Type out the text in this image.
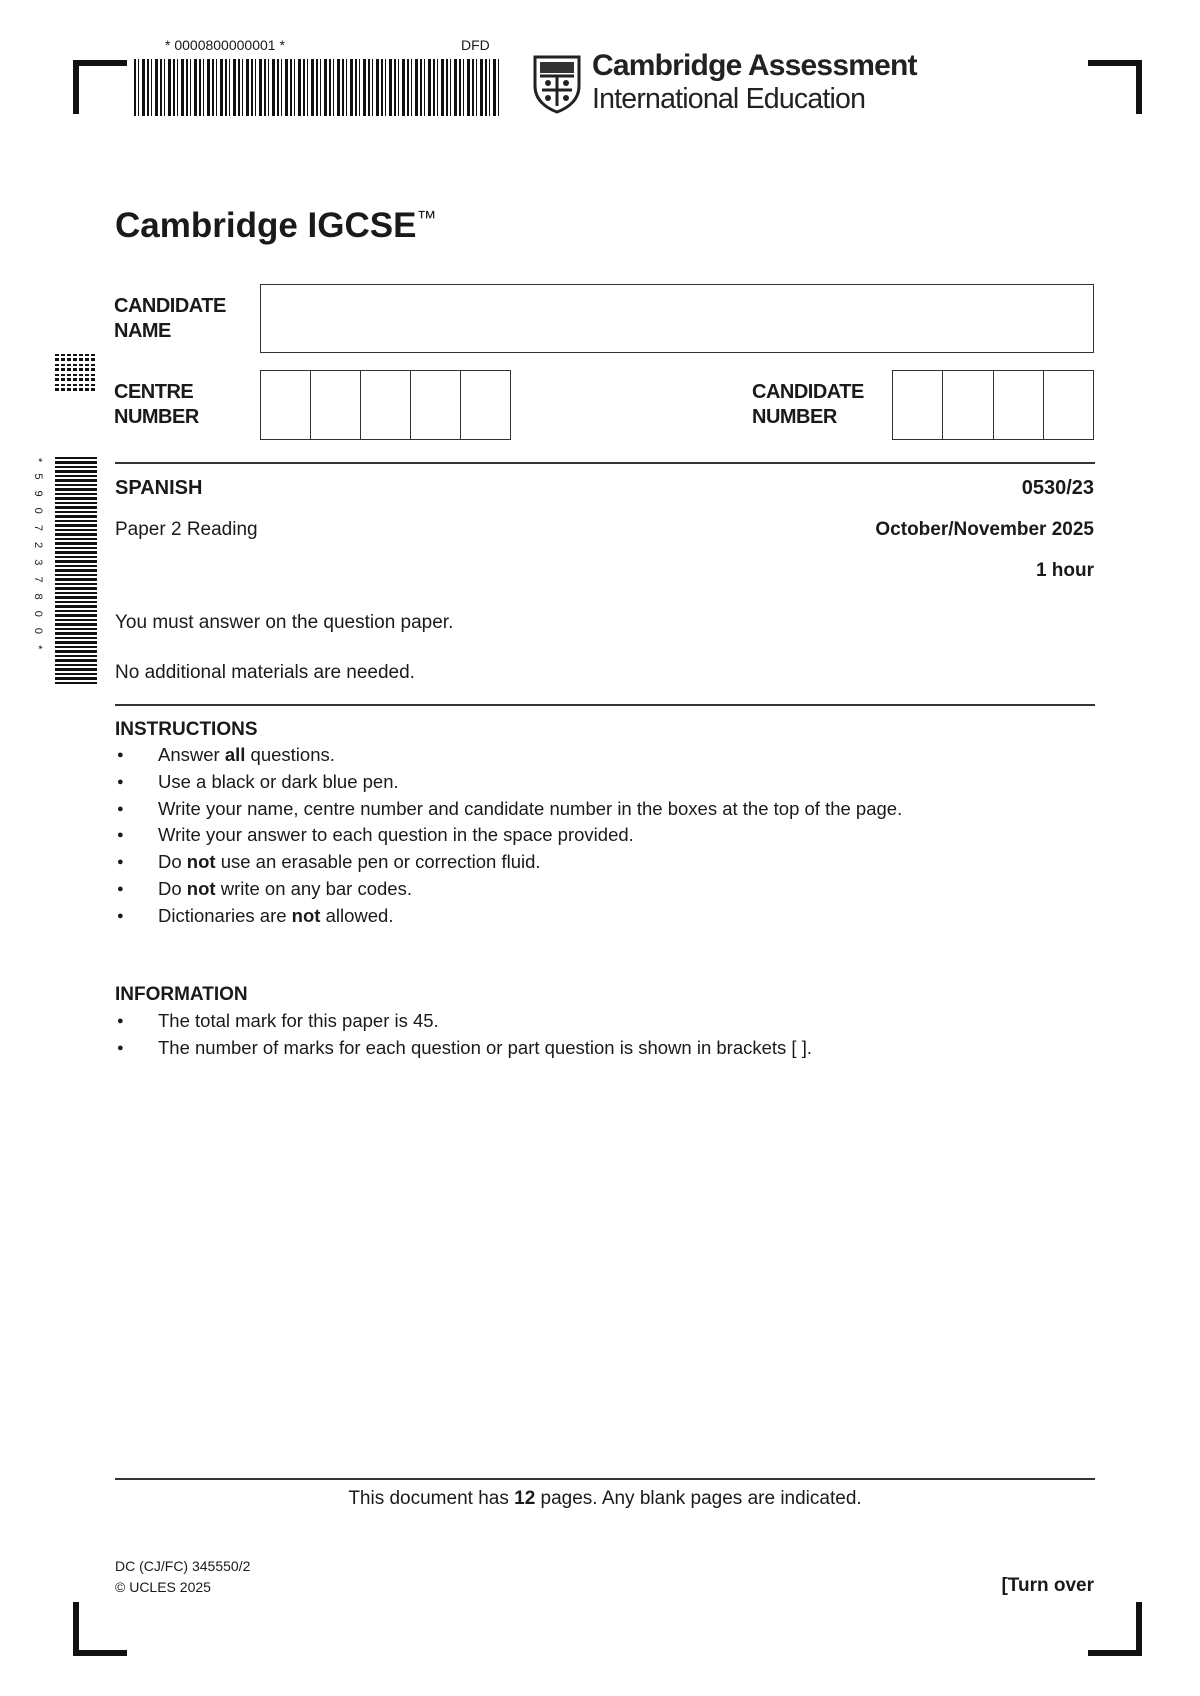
* 0000800000001 *	DFD
Cambridge Assessment
International Education
Cambridge IGCSE™
CANDIDATE
NAME
CENTRE
NUMBER
CANDIDATE
NUMBER
* 5 9 0 7 2 3 7 8 0 0 *	SPANISH	0530/23
Paper 2 Reading	October/November 2025
1 hour
You must answer on the question paper.
No additional materials are needed.
INSTRUCTIONS
● Answer all questions.
● Use a black or dark blue pen.
● Write your name, centre number and candidate number in the boxes at the top of the page.
● Write your answer to each question in the space provided.
● Do not use an erasable pen or correction fluid.
● Do not write on any bar codes.
● Dictionaries are not allowed.
INFORMATION
● The total mark for this paper is 45.
● The number of marks for each question or part question is shown in brackets [ ].
This document has 12 pages. Any blank pages are indicated.
DC (CJ/FC) 345550/2
© UCLES 2025	[Turn over
